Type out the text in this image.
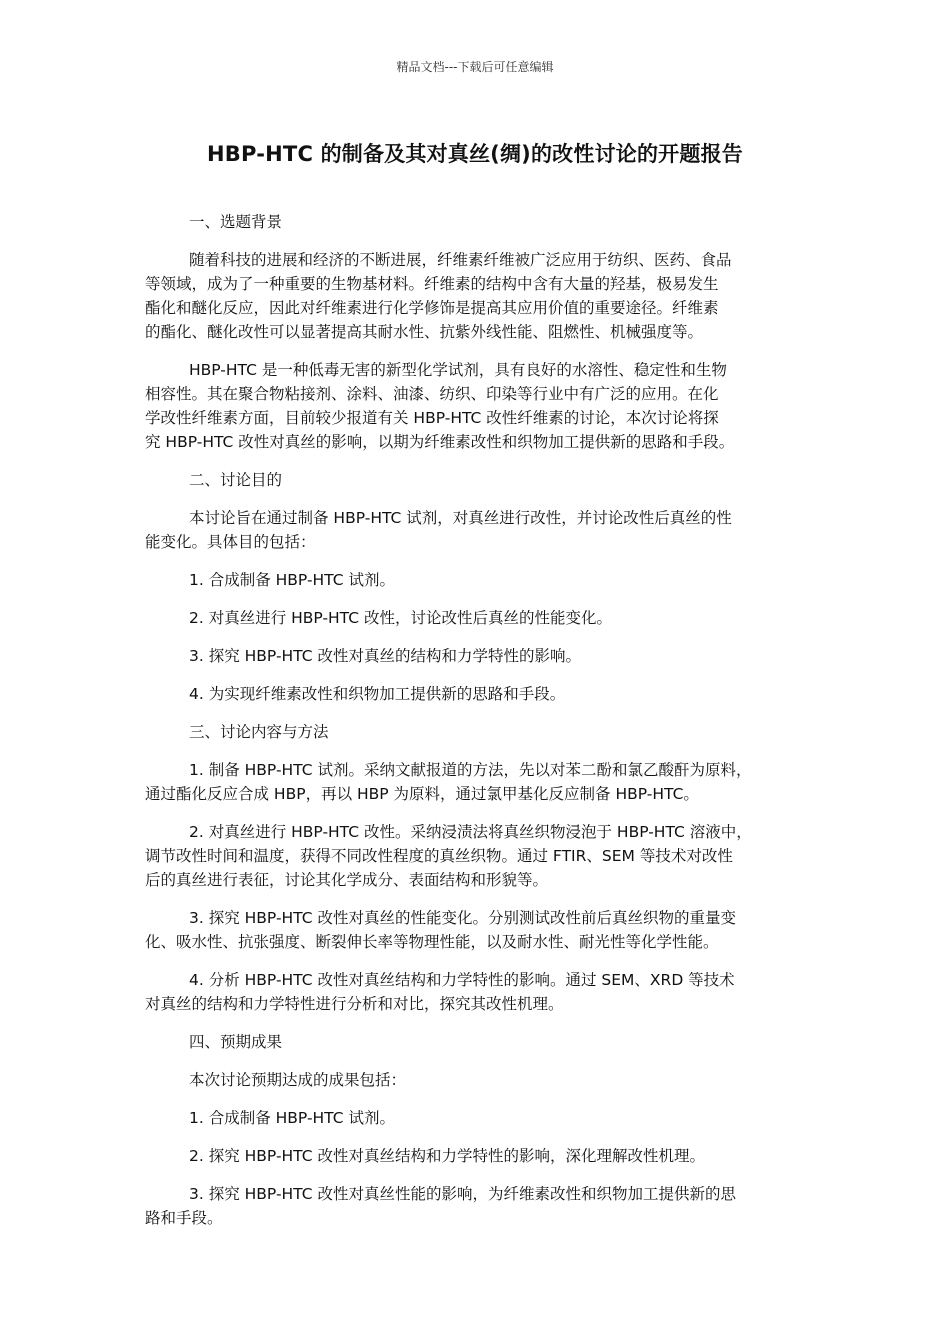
精品文档---下载后可任意编辑
HBP-HTC 的制备及其对真丝(绸)的改性讨论的开题报告
一、选题背景
随着科技的进展和经济的不断进展，纤维素纤维被广泛应用于纺织、医药、食品
等领域，成为了一种重要的生物基材料。纤维素的结构中含有大量的羟基，极易发生
酯化和醚化反应，因此对纤维素进行化学修饰是提高其应用价值的重要途径。纤维素
的酯化、醚化改性可以显著提高其耐水性、抗紫外线性能、阻燃性、机械强度等。
HBP-HTC 是一种低毒无害的新型化学试剂，具有良好的水溶性、稳定性和生物
相容性。其在聚合物粘接剂、涂料、油漆、纺织、印染等行业中有广泛的应用。在化
学改性纤维素方面，目前较少报道有关 HBP-HTC 改性纤维素的讨论，本次讨论将探
究 HBP-HTC 改性对真丝的影响，以期为纤维素改性和织物加工提供新的思路和手段。
二、讨论目的
本讨论旨在通过制备 HBP-HTC 试剂，对真丝进行改性，并讨论改性后真丝的性
能变化。具体目的包括：
1. 合成制备 HBP-HTC 试剂。
2. 对真丝进行 HBP-HTC 改性，讨论改性后真丝的性能变化。
3. 探究 HBP-HTC 改性对真丝的结构和力学特性的影响。
4. 为实现纤维素改性和织物加工提供新的思路和手段。
三、讨论内容与方法
1. 制备 HBP-HTC 试剂。采纳文献报道的方法，先以对苯二酚和氯乙酸酐为原料，
通过酯化反应合成 HBP，再以 HBP 为原料，通过氯甲基化反应制备 HBP-HTC。
2. 对真丝进行 HBP-HTC 改性。采纳浸渍法将真丝织物浸泡于 HBP-HTC 溶液中，
调节改性时间和温度，获得不同改性程度的真丝织物。通过 FTIR、SEM 等技术对改性
后的真丝进行表征，讨论其化学成分、表面结构和形貌等。
3. 探究 HBP-HTC 改性对真丝的性能变化。分别测试改性前后真丝织物的重量变
化、吸水性、抗张强度、断裂伸长率等物理性能，以及耐水性、耐光性等化学性能。
4. 分析 HBP-HTC 改性对真丝结构和力学特性的影响。通过 SEM、XRD 等技术
对真丝的结构和力学特性进行分析和对比，探究其改性机理。
四、预期成果
本次讨论预期达成的成果包括：
1. 合成制备 HBP-HTC 试剂。
2. 探究 HBP-HTC 改性对真丝结构和力学特性的影响，深化理解改性机理。
3. 探究 HBP-HTC 改性对真丝性能的影响，为纤维素改性和织物加工提供新的思
路和手段。
